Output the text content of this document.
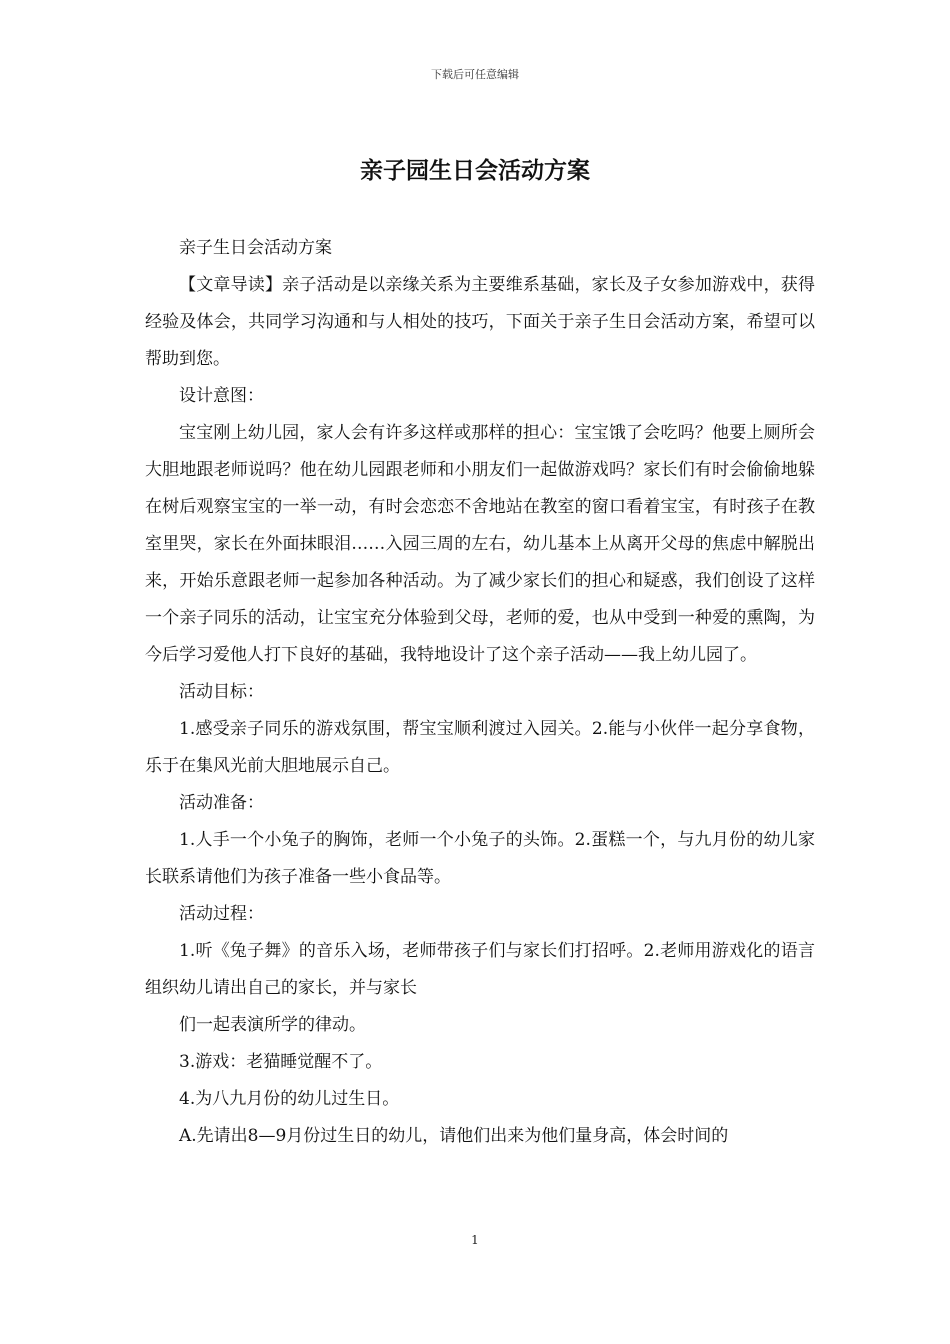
下载后可任意编辑
亲子园生日会活动方案

亲子生日会活动方案

【文章导读】亲子活动是以亲缘关系为主要维系基础，家长及子女参加游戏中，获得经验及体会，共同学习沟通和与人相处的技巧，下面关于亲子生日会活动方案，希望可以帮助到您。

设计意图：

宝宝刚上幼儿园，家人会有许多这样或那样的担心：宝宝饿了会吃吗？他要上厕所会大胆地跟老师说吗？他在幼儿园跟老师和小朋友们一起做游戏吗？家长们有时会偷偷地躲在树后观察宝宝的一举一动，有时会恋恋不舍地站在教室的窗口看着宝宝，有时孩子在教室里哭，家长在外面抹眼泪……入园三周的左右，幼儿基本上从离开父母的焦虑中解脱出来，开始乐意跟老师一起参加各种活动。为了减少家长们的担心和疑惑，我们创设了这样一个亲子同乐的活动，让宝宝充分体验到父母，老师的爱，也从中受到一种爱的熏陶，为今后学习爱他人打下良好的基础，我特地设计了这个亲子活动——我上幼儿园了。

活动目标：

1.感受亲子同乐的游戏氛围，帮宝宝顺利渡过入园关。2.能与小伙伴一起分享食物，乐于在集风光前大胆地展示自己。

活动准备：

1.人手一个小兔子的胸饰，老师一个小兔子的头饰。2.蛋糕一个，与九月份的幼儿家长联系请他们为孩子准备一些小食品等。

活动过程：

1.听《兔子舞》的音乐入场，老师带孩子们与家长们打招呼。2.老师用游戏化的语言组织幼儿请出自己的家长，并与家长

们一起表演所学的律动。

3.游戏：老猫睡觉醒不了。

4.为八九月份的幼儿过生日。

A.先请出8—9月份过生日的幼儿，请他们出来为他们量身高，体会时间的

1
